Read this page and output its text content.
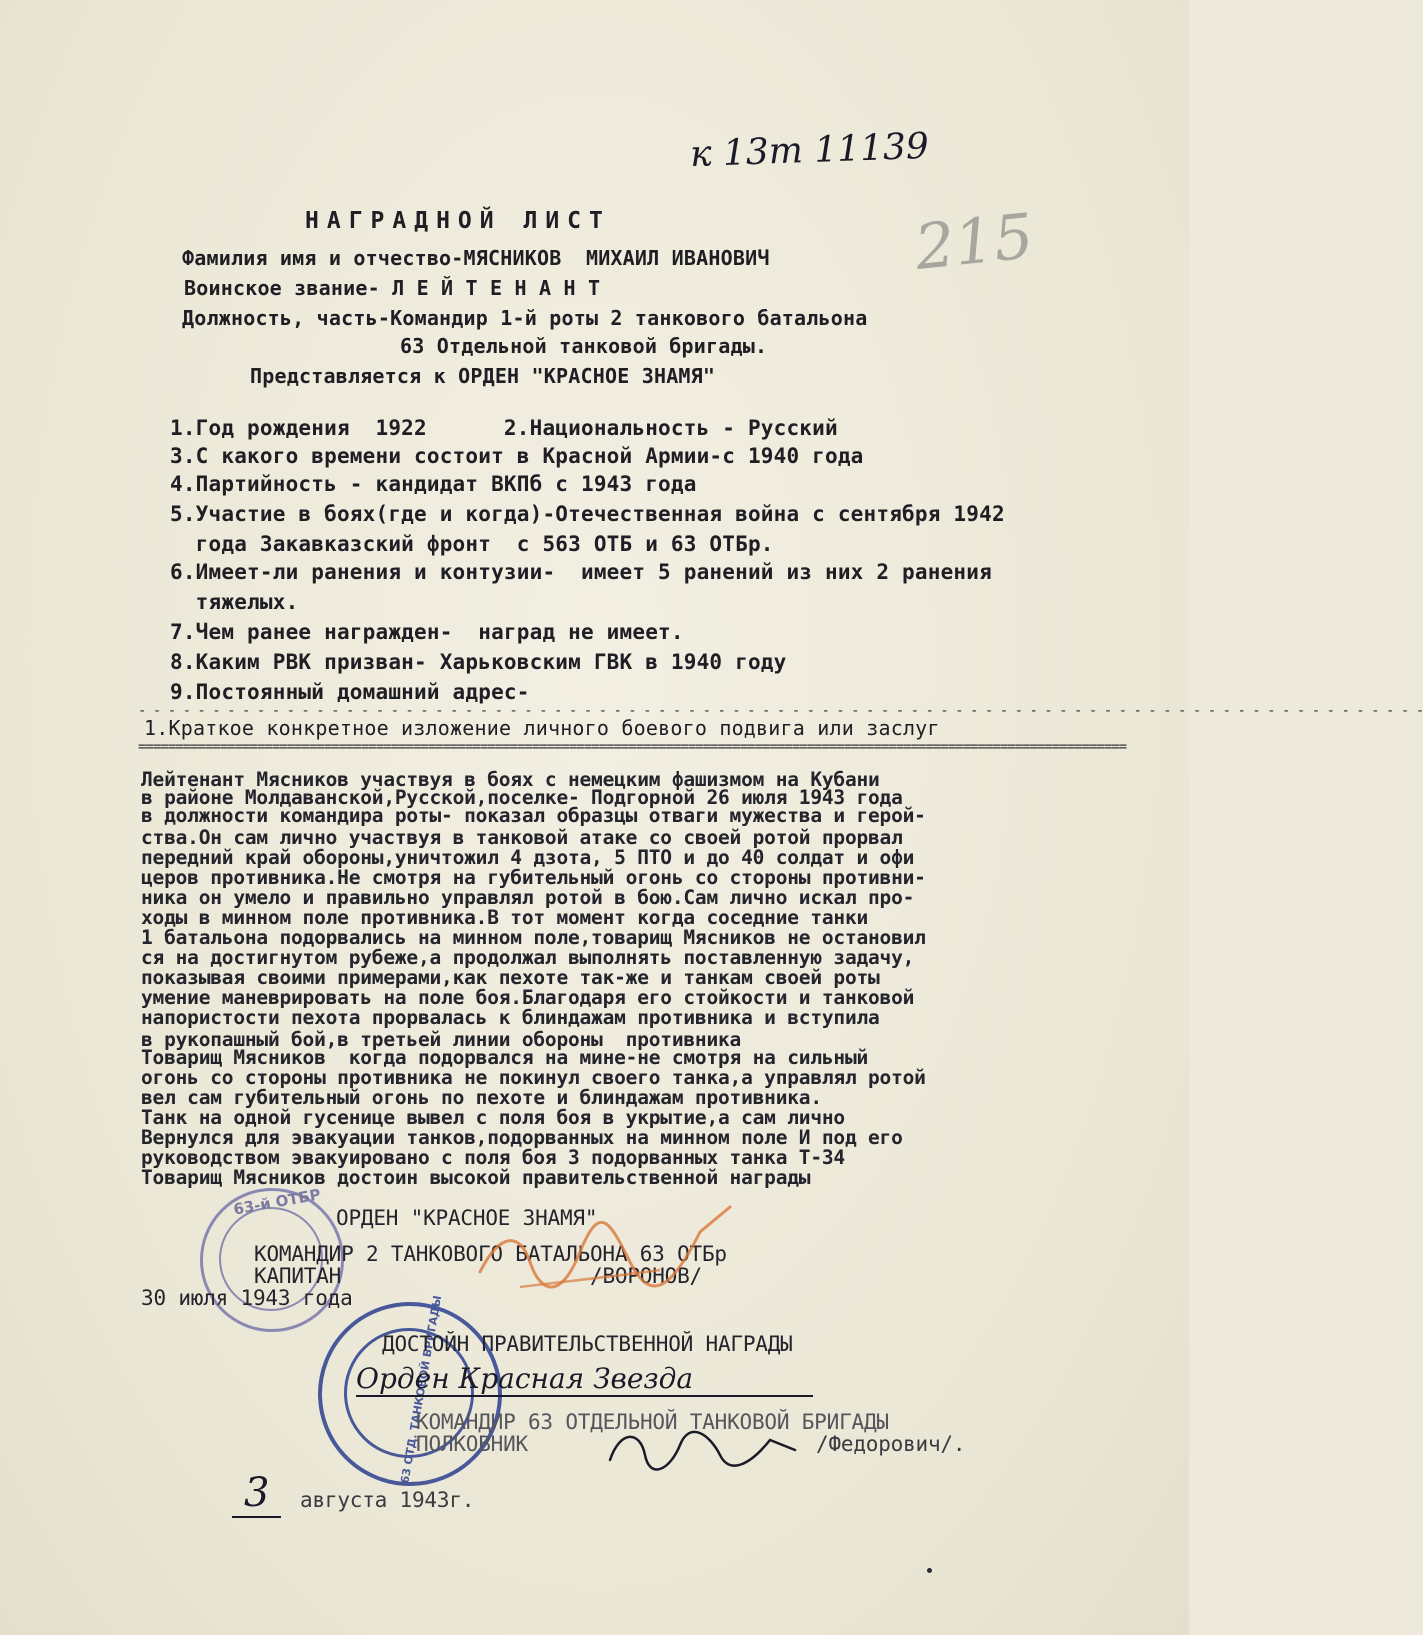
к 13т 11139
215
НАГРАДНОЙ ЛИСТ
Фамилия имя и отчество-МЯСНИКОВ  МИХАИЛ ИВАНОВИЧ
Воинское звание- Л Е Й Т Е Н А Н Т
Должность, часть-Командир 1-й роты 2 танкового батальона
63 Отдельной танковой бригады.
Представляется к ОРДЕН "КРАСНОЕ ЗНАМЯ"
1.Год рождения  1922      2.Национальность - Русский
3.С какого времени состоит в Красной Армии-с 1940 года
4.Партийность - кандидат ВКПб с 1943 года
5.Участие в боях(где и когда)-Отечественная война с сентября 1942
года Закавказский фронт  с 563 ОТБ и 63 ОТБр.
6.Имеет-ли ранения и контузии-  имеет 5 ранений из них 2 ранения
тяжелых.
7.Чем ранее награжден-  наград не имеет.
8.Каким РВК призван- Харьковским ГВК в 1940 году
9.Постоянный домашний адрес-
- - - - - - - - - - - - - - - - - - - - - - - - - - - - - - - - - - - - - - - - - - - - - - - - - - - - - - - - - - - - - - - - - - - - - - - - - - - - - - - - - - - - - - -
1.Краткое конкретное изложение личного боевого подвига или заслуг
=====================================================================================================================================
Лейтенант Мясников участвуя в боях с немецким фашизмом на Кубани
в районе Молдаванской,Русской,поселке- Подгорной 26 июля 1943 года
в должности командира роты- показал образцы отваги мужества и герой-
ства.Он сам лично участвуя в танковой атаке со своей ротой прорвал
передний край обороны,уничтожил 4 дзота, 5 ПТО и до 40 солдат и офи
церов противника.Не смотря на губительный огонь со стороны противни-
ника он умело и правильно управлял ротой в бою.Сам лично искал про-
ходы в минном поле противника.В тот момент когда соседние танки
1 батальона подорвались на минном поле,товарищ Мясников не остановил
ся на достигнутом рубеже,а продолжал выполнять поставленную задачу,
показывая своими примерами,как пехоте так-же и танкам своей роты
умение маневрировать на поле боя.Благодаря его стойкости и танковой
напористости пехота прорвалась к блиндажам противника и вступила
в рукопашный бой,в третьей линии обороны  противника
Товарищ Мясников  когда подорвался на мине-не смотря на сильный
огонь со стороны противника не покинул своего танка,а управлял ротой
вел сам губительный огонь по пехоте и блиндажам противника.
Танк на одной гусенице вывел с поля боя в укрытие,а сам лично
Вернулся для эвакуации танков,подорванных на минном поле И под его
руководством эвакуировано с поля боя 3 подорванных танка Т-34
Товарищ Мясников достоин высокой правительственной награды
63-й ОТБР ОРДЕН "КРАСНОЕ ЗНАМЯ"
КОМАНДИР 2 ТАНКОВОГО БАТАЛЬОНА 63 ОТБр
КАПИТАН	/ВОРОНОВ/
30 июля 1943 года	63 ОТД. ТАНКОВОЙ БРИГАДЫ
ДОСТОЙН ПРАВИТЕЛЬСТВЕННОЙ НАГРАДЫ
Орден Красная Звезда
КОМАНДИР 63 ОТДЕЛЬНОЙ ТАНКОВОЙ БРИГАДЫ
ПОЛКОВНИК	/Федорович/.
3	августа 1943г.
